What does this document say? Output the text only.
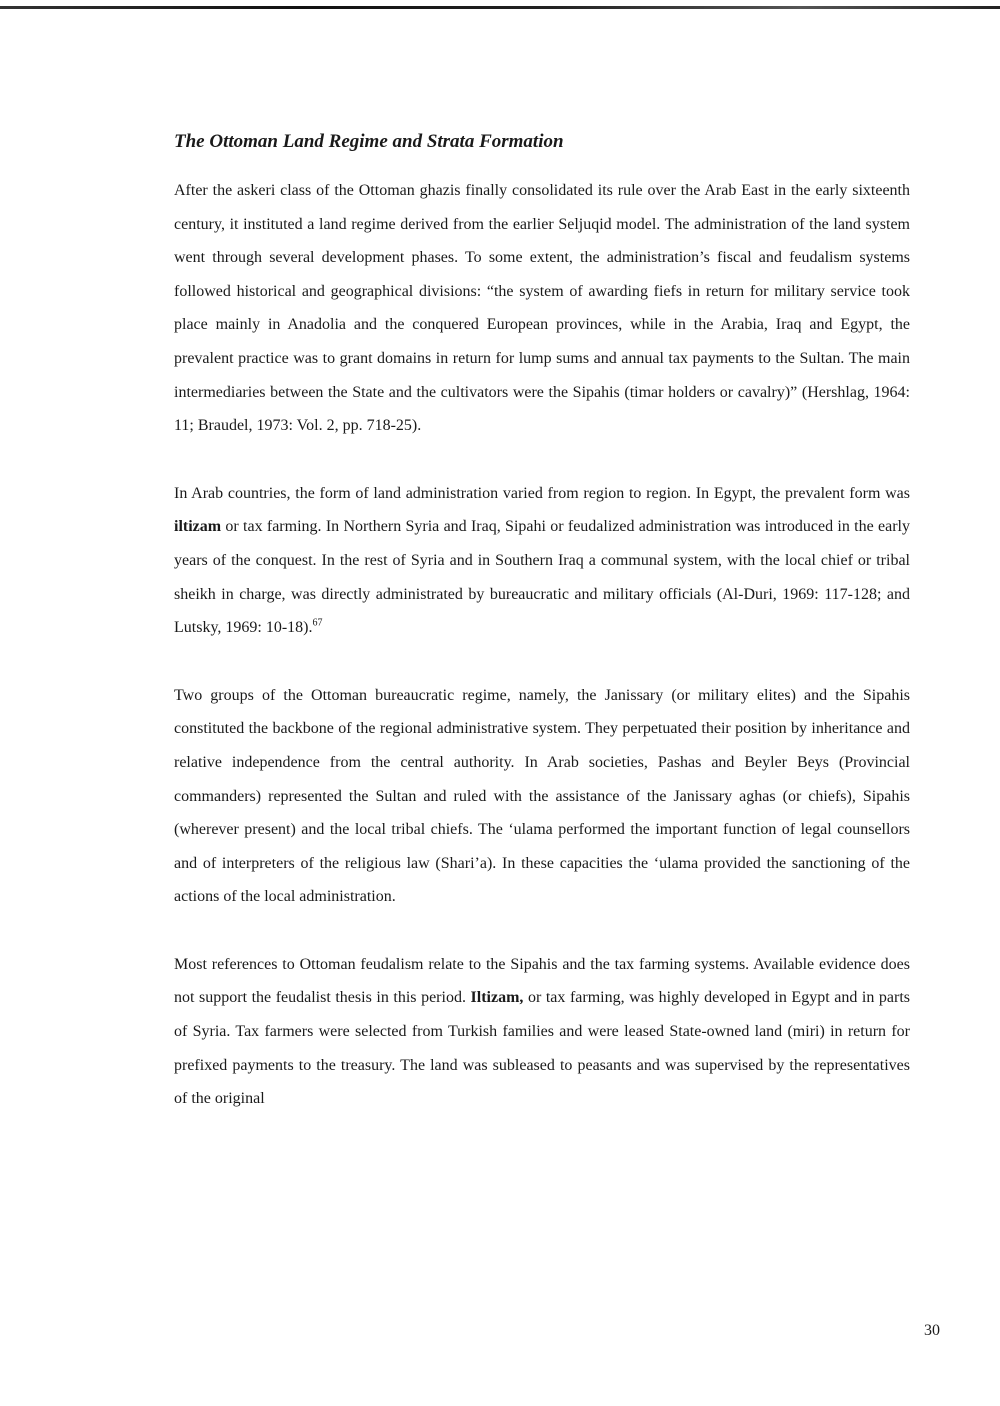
The Ottoman Land Regime and Strata Formation

After the askeri class of the Ottoman ghazis finally consolidated its rule over the Arab East in the early sixteenth century, it instituted a land regime derived from the earlier Seljuqid model. The administration of the land system went through several development phases. To some extent, the administration’s fiscal and feudalism systems followed historical and geographical divisions: “the system of awarding fiefs in return for military service took place mainly in Anadolia and the conquered European provinces, while in the Arabia, Iraq and Egypt, the prevalent practice was to grant domains in return for lump sums and annual tax payments to the Sultan. The main intermediaries between the State and the cultivators were the Sipahis (timar holders or cavalry)” (Hershlag, 1964: 11; Braudel, 1973: Vol. 2, pp. 718-25).

In Arab countries, the form of land administration varied from region to region. In Egypt, the prevalent form was iltizam or tax farming. In Northern Syria and Iraq, Sipahi or feudalized administration was introduced in the early years of the conquest. In the rest of Syria and in Southern Iraq a communal system, with the local chief or tribal sheikh in charge, was directly administrated by bureaucratic and military officials (Al-Duri, 1969: 117-128; and Lutsky, 1969: 10-18).$^{67}$

Two groups of the Ottoman bureaucratic regime, namely, the Janissary (or military elites) and the Sipahis constituted the backbone of the regional administrative system. They perpetuated their position by inheritance and relative independence from the central authority. In Arab societies, Pashas and Beyler Beys (Provincial commanders) represented the Sultan and ruled with the assistance of the Janissary aghas (or chiefs), Sipahis (wherever present) and the local tribal chiefs. The ‘ulama performed the important function of legal counsellors and of interpreters of the religious law (Shari’a). In these capacities the ‘ulama provided the sanctioning of the actions of the local administration.

Most references to Ottoman feudalism relate to the Sipahis and the tax farming systems. Available evidence does not support the feudalist thesis in this period. Iltizam, or tax farming, was highly developed in Egypt and in parts of Syria. Tax farmers were selected from Turkish families and were leased State-owned land (miri) in return for prefixed payments to the treasury. The land was subleased to peasants and was supervised by the representatives of the original

30
